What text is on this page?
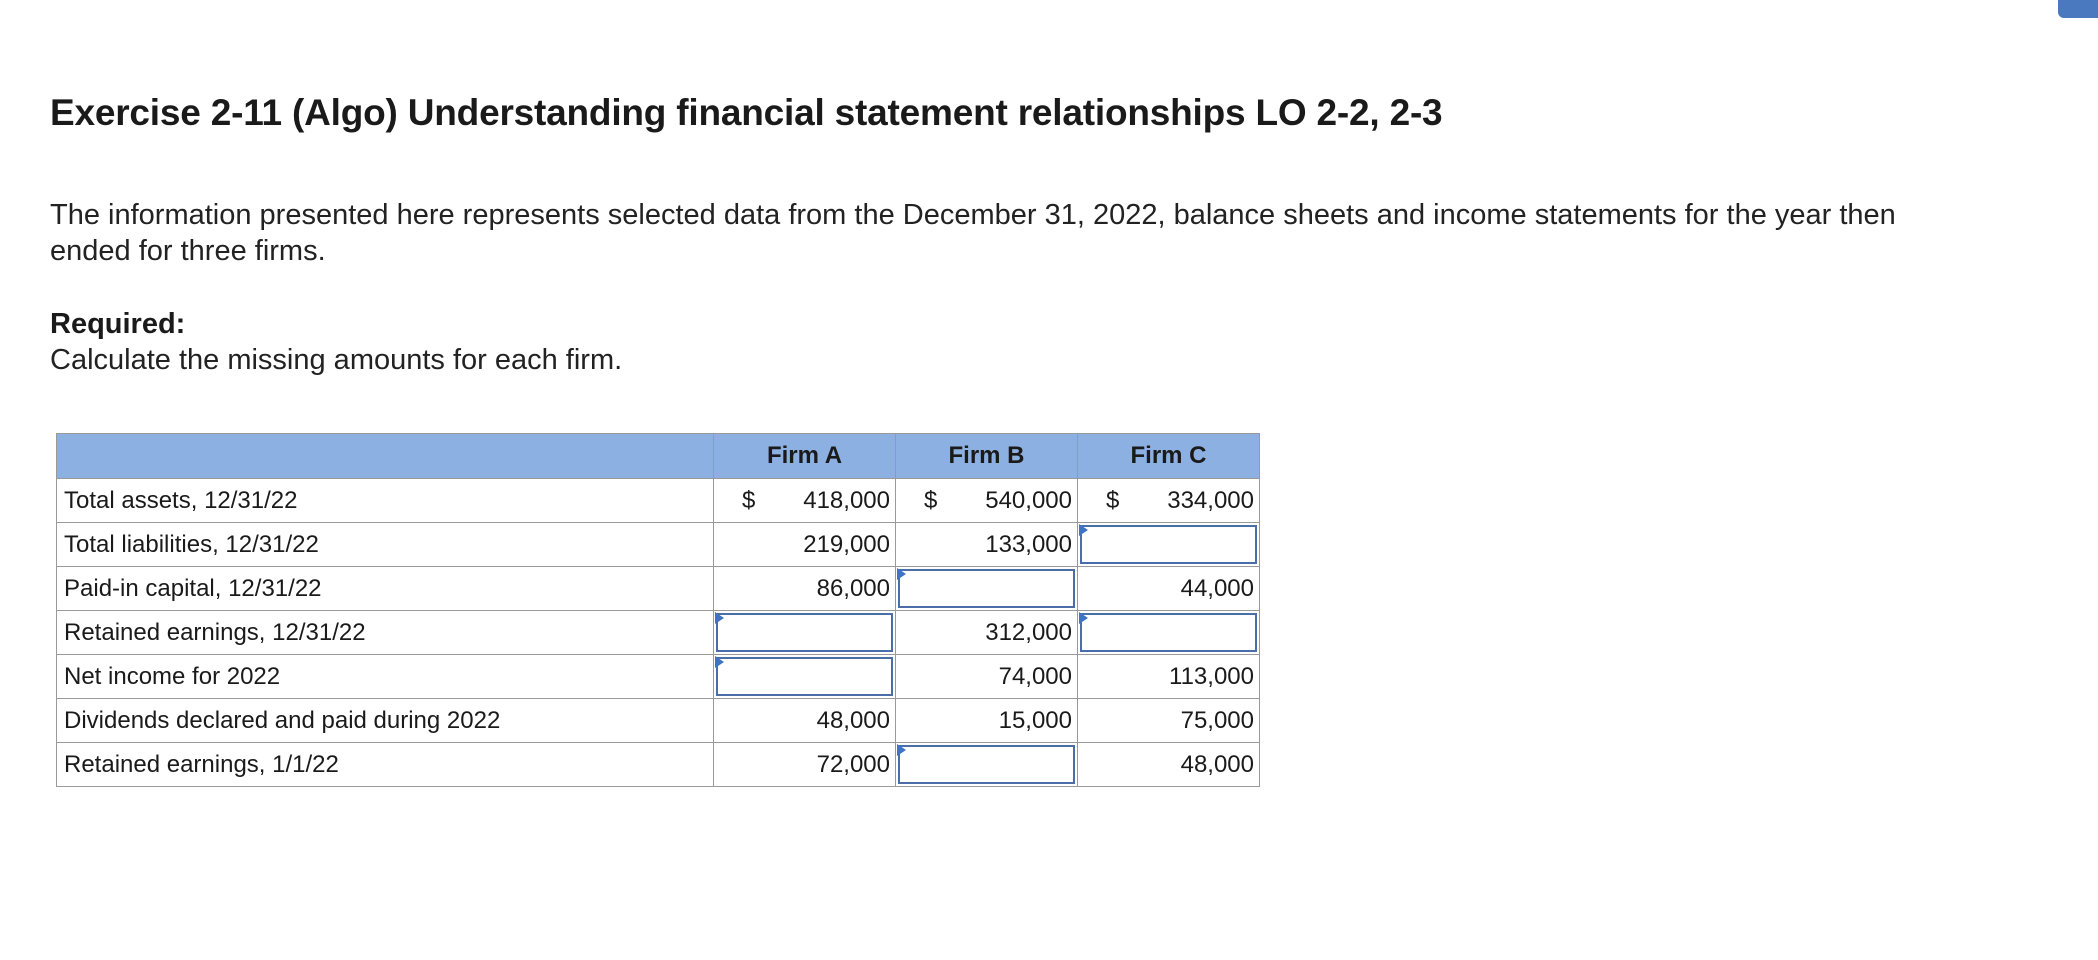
Exercise 2-11 (Algo) Understanding financial statement relationships LO 2-2, 2-3
The information presented here represents selected data from the December 31, 2022, balance sheets and income statements for the year then ended for three firms.
Required:
Calculate the missing amounts for each firm.
	Firm A	Firm B	Firm C
Total assets, 12/31/22	$ 418,000	$ 540,000	$ 334,000

Total liabilities, 12/31/22	219,000	133,000	

Paid-in capital, 12/31/22	86,000		44,000
Retained earnings, 12/31/22		312,000	

Net income for 2022		74,000	113,000
Dividends declared and paid during 2022	48,000	15,000	75,000
Retained earnings, 1/1/22	72,000		48,000
